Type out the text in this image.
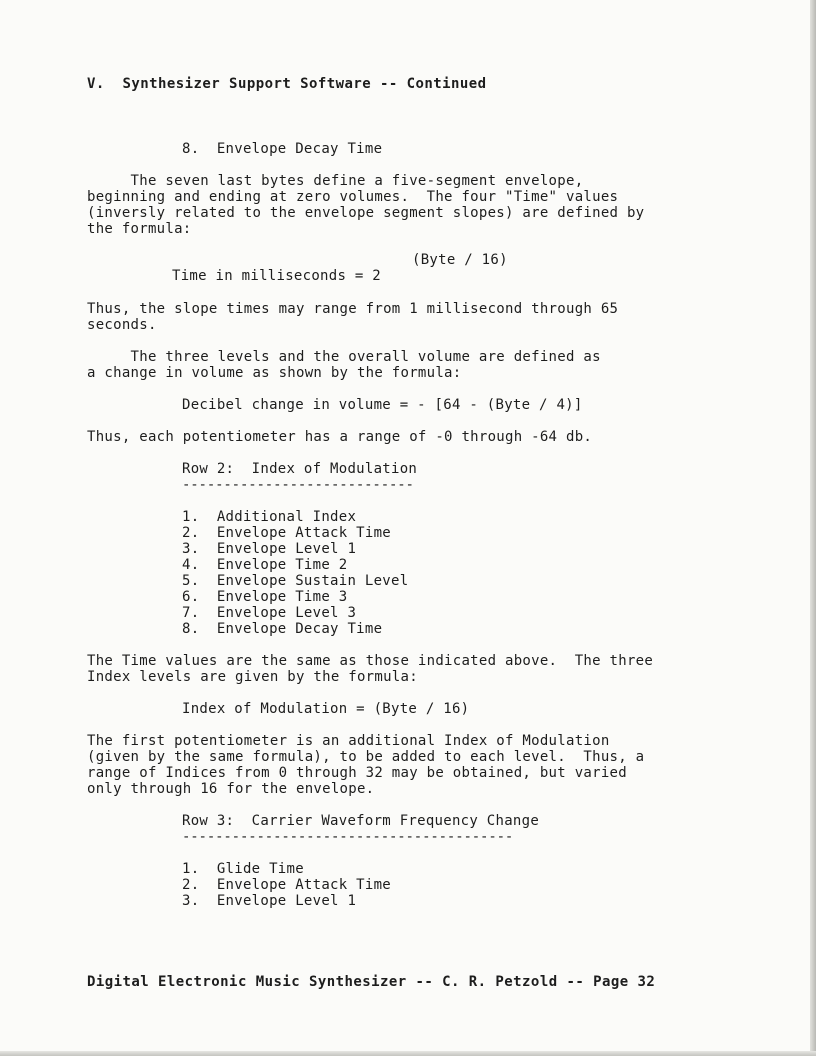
V.  Synthesizer Support Software -- Continued
8.  Envelope Decay Time
The seven last bytes define a five-segment envelope,
beginning and ending at zero volumes.  The four "Time" values
(inversly related to the envelope segment slopes) are defined by
the formula:
(Byte / 16)
Time in milliseconds = 2
Thus, the slope times may range from 1 millisecond through 65
seconds.
The three levels and the overall volume are defined as
a change in volume as shown by the formula:
Decibel change in volume = - [64 - (Byte / 4)]
Thus, each potentiometer has a range of -0 through -64 db.
Row 2:  Index of Modulation
----------------------------
1.  Additional Index
2.  Envelope Attack Time
3.  Envelope Level 1
4.  Envelope Time 2
5.  Envelope Sustain Level
6.  Envelope Time 3
7.  Envelope Level 3
8.  Envelope Decay Time
The Time values are the same as those indicated above.  The three
Index levels are given by the formula:
Index of Modulation = (Byte / 16)
The first potentiometer is an additional Index of Modulation
(given by the same formula), to be added to each level.  Thus, a
range of Indices from 0 through 32 may be obtained, but varied
only through 16 for the envelope.
Row 3:  Carrier Waveform Frequency Change
----------------------------------------
1.  Glide Time
2.  Envelope Attack Time
3.  Envelope Level 1
Digital Electronic Music Synthesizer -- C. R. Petzold -- Page 32
